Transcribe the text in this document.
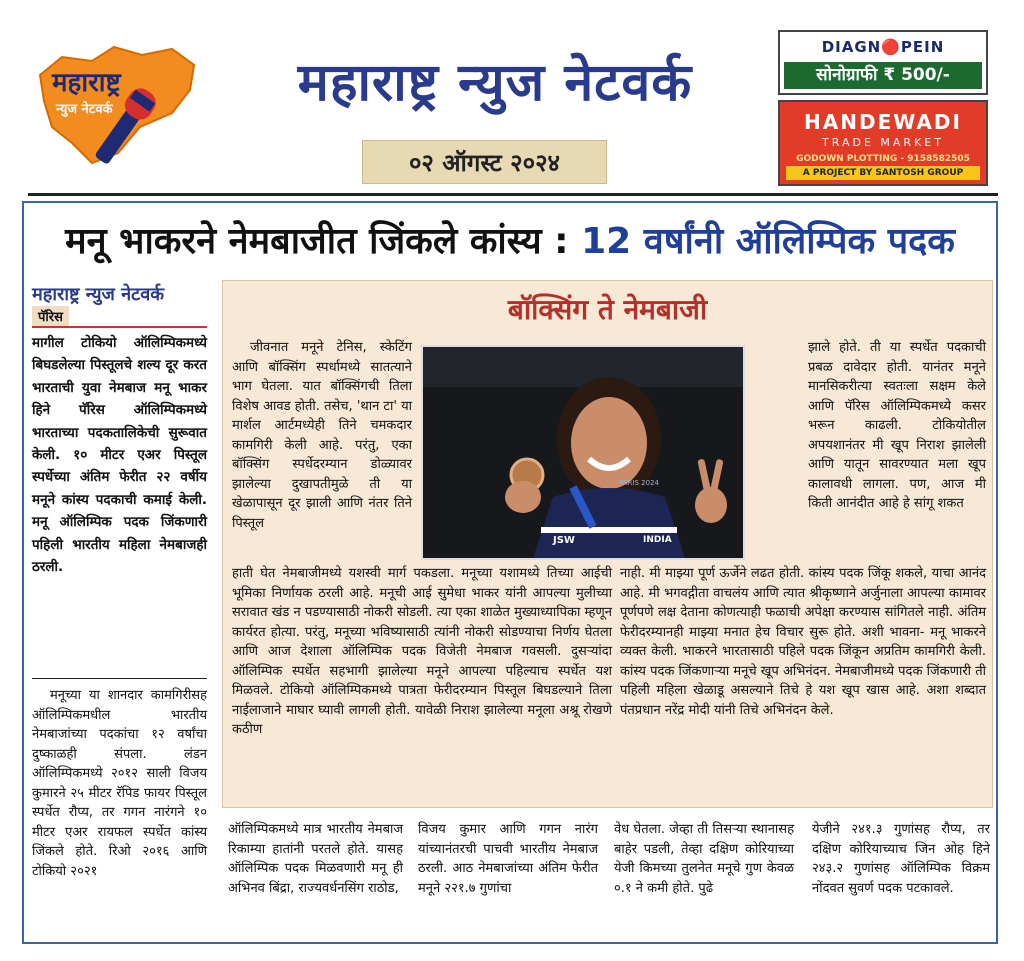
महाराष्ट्र
न्युज नेटवर्क
NEWS
महाराष्ट्र न्युज नेटवर्क
०२ ऑगस्ट २०२४
DIAGN🔴PEIN
सोनोग्राफी ₹ 500/-
HANDEWADI
TRADE MARKET
GODOWN PLOTTING - 9158582505
A PROJECT BY SANTOSH GROUP
मनू भाकरने नेमबाजीत जिंकले कांस्य : 12 वर्षांनी ऑलिम्पिक पदक
महाराष्ट्र न्युज नेटवर्क
पॅरिस
मागील टोकियो ऑलिम्पिकमध्ये बिघडलेल्या पिस्तूलचे शल्य दूर करत भारताची युवा नेमबाज मनू भाकर हिने पॅरिस ऑलिम्पिकमध्ये भारताच्या पदकतालिकेची सुरूवात केली. १० मीटर एअर पिस्तूल स्पर्धेच्या अंतिम फेरीत २२ वर्षीय मनूने कांस्य पदकाची कमाई केली. मनू ऑलिम्पिक पदक जिंकणारी पहिली भारतीय महिला नेमबाजही ठरली.
मनूच्या या शानदार कामगिरीसह ऑलिम्पिकमधील भारतीय नेमबाजांच्या पदकांचा १२ वर्षांचा दुष्काळही संपला. लंडन ऑलिम्पिकमध्ये २०१२ साली विजय कुमारने २५ मीटर रॅपिड फायर पिस्तूल स्पर्धेत रौप्य, तर गगन नारंगने १० मीटर एअर रायफल स्पर्धेत कांस्य जिंकले होते. रिओ २०१६ आणि टोकियो २०२१
बॉक्सिंग ते नेमबाजी
जीवनात मनूने टेनिस, स्केटिंग आणि बॉक्सिंग स्पर्धामध्ये सातत्याने भाग घेतला. यात बॉक्सिंगची तिला विशेष आवड होती. तसेच, 'थान टा' या मार्शल आर्टमध्येही तिने चमकदार कामगिरी केली आहे. परंतु, एका बॉक्सिंग स्पर्धेदरम्यान डोळ्यावर झालेल्या दुखापतीमुळे ती या खेळापासून दूर झाली आणि नंतर तिने पिस्तूल
झाले होते. ती या स्पर्धेत पदकाची प्रबळ दावेदार होती. यानंतर मनूने मानसिकरीत्या स्वतःला सक्षम केले आणि पॅरिस ऑलिम्पिकमध्ये कसर भरून काढली. टोकियोतील अपयशानंतर मी खूप निराश झालेली आणि यातून सावरण्यात मला खूप कालावधी लागला. पण, आज मी किती आनंदीत आहे हे सांगू शकत
PARIS 2024
JSW	INDIA
हाती घेत नेमबाजीमध्ये यशस्वी मार्ग पकडला. मनूच्या यशामध्ये तिच्या आईची भूमिका निर्णायक ठरली आहे. मनूची आई सुमेधा भाकर यांनी आपल्या मुलीच्या सरावात खंड न पडण्यासाठी नोकरी सोडली. त्या एका शाळेत मुख्याध्यापिका म्हणून कार्यरत होत्या. परंतु, मनूच्या भविष्यासाठी त्यांनी नोकरी सोडण्याचा निर्णय घेतला आणि आज देशाला ऑलिम्पिक पदक विजेती नेमबाज गवसली. दुसऱ्यांदा ऑलिम्पिक स्पर्धेत सहभागी झालेल्या मनूने आपल्या पहिल्याच स्पर्धेत यश मिळवले. टोकियो ऑलिम्पिकमध्ये पात्रता फेरीदरम्यान पिस्तूल बिघडल्याने तिला नाईलाजाने माघार घ्यावी लागली होती. यावेळी निराश झालेल्या मनूला अश्रू रोखणे कठीण
नाही. मी माझ्या पूर्ण ऊर्जेने लढत होती. कांस्य पदक जिंकू शकले, याचा आनंद आहे. मी भगवद्गीता वाचलंय आणि त्यात श्रीकृष्णाने अर्जुनाला आपल्या कामावर पूर्णपणे लक्ष देताना कोणत्याही फळाची अपेक्षा करण्यास सांगितले नाही. अंतिम फेरीदरम्यानही माझ्या मनात हेच विचार सुरू होते. अशी भावना- मनू भाकरने व्यक्त केली. भाकरने भारतासाठी पहिले पदक जिंकून अप्रतिम कामगिरी केली. कांस्य पदक जिंकणाऱ्या मनूचे खूप अभिनंदन. नेमबाजीमध्ये पदक जिंकणारी ती पहिली महिला खेळाडू असल्याने तिचे हे यश खूप खास आहे. अशा शब्दात पंतप्रधान नरेंद्र मोदी यांनी तिचे अभिनंदन केले.
ऑलिम्पिकमध्ये मात्र भारतीय नेमबाज रिकाम्या हातांनी परतले होते. यासह ऑलिम्पिक पदक मिळवणारी मनू ही अभिनव बिंद्रा, राज्यवर्धनसिंग राठोड,
विजय कुमार आणि गगन नारंग यांच्यानंतरची पाचवी भारतीय नेमबाज ठरली. आठ नेमबाजांच्या अंतिम फेरीत मनूने २२१.७ गुणांचा
वेध घेतला. जेव्हा ती तिसऱ्या स्थानासह बाहेर पडली, तेव्हा दक्षिण कोरियाच्या येजी किमच्या तुलनेत मनूचे गुण केवळ ०.१ ने कमी होते. पुढे
येजीने २४१.३ गुणांसह रौप्य, तर दक्षिण कोरियाच्याच जिन ओह हिने २४३.२ गुणांसह ऑलिम्पिक विक्रम नोंदवत सुवर्ण पदक पटकावले.
